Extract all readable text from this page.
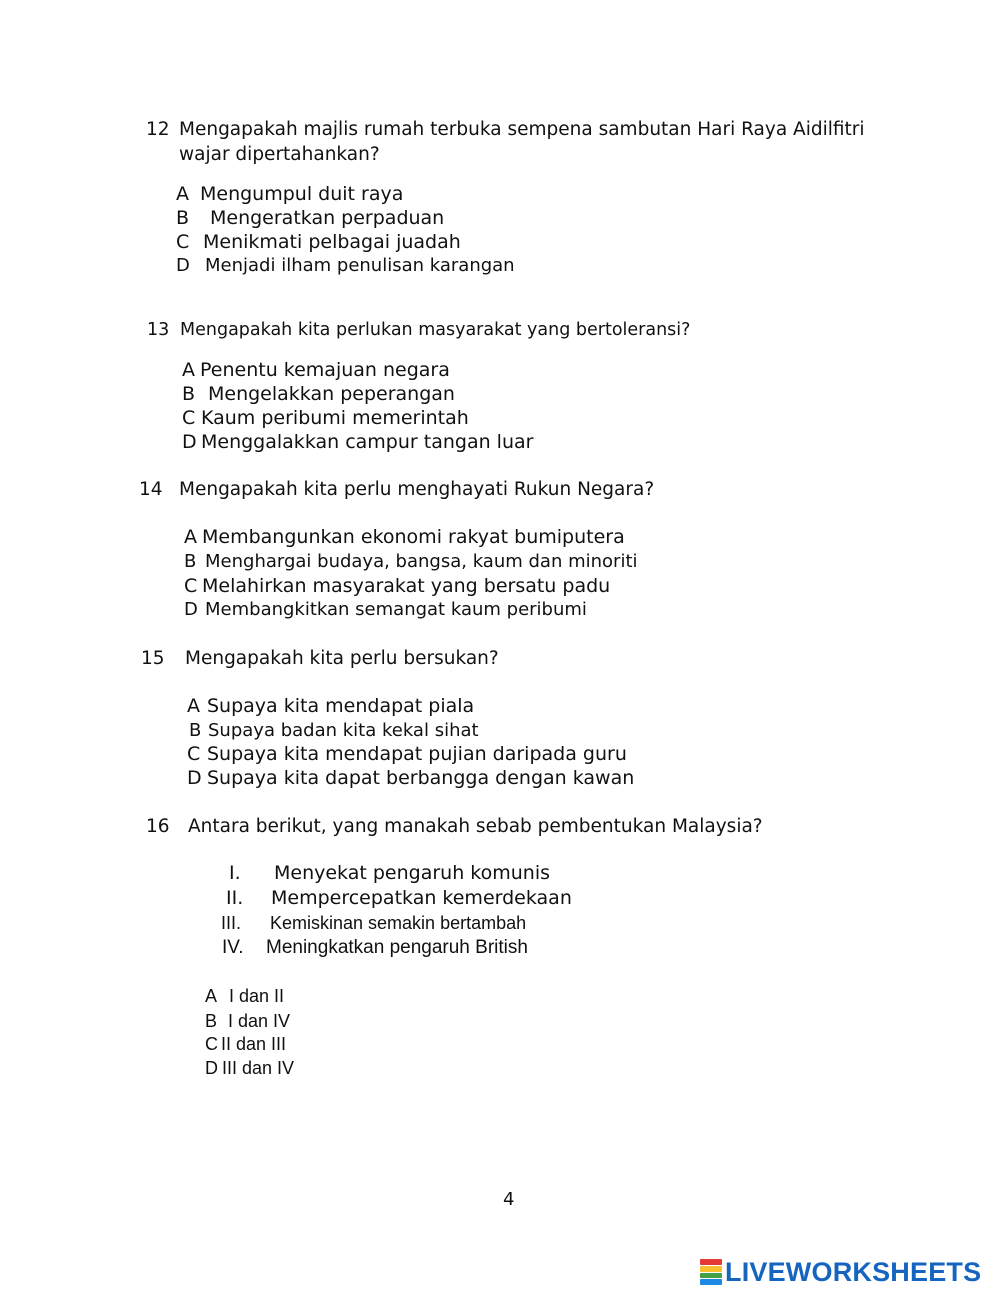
12 Mengapakah majlis rumah terbuka sempena sambutan Hari Raya Aidilfitri
wajar dipertahankan?
A Mengumpul duit raya
B Mengeratkan perpaduan
C Menikmati pelbagai juadah
D Menjadi ilham penulisan karangan
13 Mengapakah kita perlukan masyarakat yang bertoleransi?
A Penentu kemajuan negara
B Mengelakkan peperangan
C Kaum peribumi memerintah
D Menggalakkan campur tangan luar
14 Mengapakah kita perlu menghayati Rukun Negara?
A Membangunkan ekonomi rakyat bumiputera
B Menghargai budaya, bangsa, kaum dan minoriti
C Melahirkan masyarakat yang bersatu padu
D Membangkitkan semangat kaum peribumi
15 Mengapakah kita perlu bersukan?
A Supaya kita mendapat piala
B Supaya badan kita kekal sihat
C Supaya kita mendapat pujian daripada guru
D Supaya kita dapat berbangga dengan kawan
16 Antara berikut, yang manakah sebab pembentukan Malaysia?
I. Menyekat pengaruh komunis
II. Mempercepatkan kemerdekaan
III. Kemiskinan semakin bertambah
IV. Meningkatkan pengaruh British
A I dan II
B I dan IV
C II dan III
D III dan IV
4
LIVEWORKSHEETS
